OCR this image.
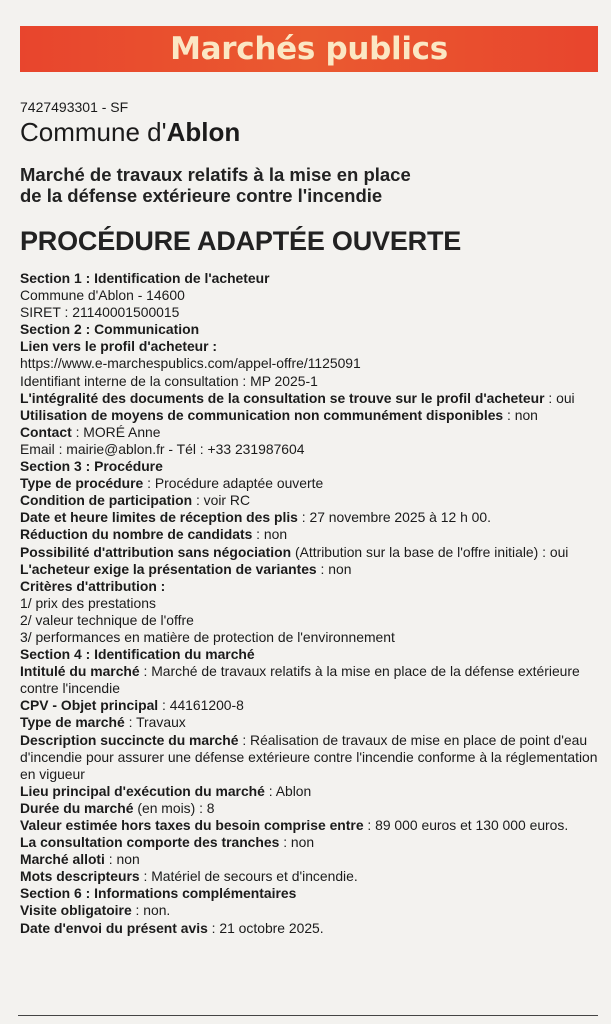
Marchés publics
7427493301 - SF
Commune d'Ablon
Marché de travaux relatifs à la mise en place
de la défense extérieure contre l'incendie
PROCÉDURE ADAPTÉE OUVERTE
Section 1 : Identification de l'acheteur
Commune d'Ablon - 14600
SIRET : 21140001500015
Section 2 : Communication
Lien vers le profil d'acheteur :
https://www.e-marchespublics.com/appel-offre/1125091
Identifiant interne de la consultation : MP 2025-1
L'intégralité des documents de la consultation se trouve sur le profil d'acheteur : oui
Utilisation de moyens de communication non communément disponibles : non
Contact : MORÉ Anne
Email : mairie@ablon.fr - Tél : +33 231987604
Section 3 : Procédure
Type de procédure : Procédure adaptée ouverte
Condition de participation : voir RC
Date et heure limites de réception des plis : 27 novembre 2025 à 12 h 00.
Réduction du nombre de candidats : non
Possibilité d'attribution sans négociation (Attribution sur la base de l'offre initiale) : oui
L'acheteur exige la présentation de variantes : non
Critères d'attribution :
1/ prix des prestations
2/ valeur technique de l'offre
3/ performances en matière de protection de l'environnement
Section 4 : Identification du marché
Intitulé du marché : Marché de travaux relatifs à la mise en place de la défense extérieure contre l'incendie
CPV - Objet principal : 44161200-8
Type de marché : Travaux
Description succincte du marché : Réalisation de travaux de mise en place de point d'eau d'incendie pour assurer une défense extérieure contre l'incendie conforme à la réglementation en vigueur
Lieu principal d'exécution du marché : Ablon
Durée du marché (en mois) : 8
Valeur estimée hors taxes du besoin comprise entre : 89 000 euros et 130 000 euros.
La consultation comporte des tranches : non
Marché alloti : non
Mots descripteurs : Matériel de secours et d'incendie.
Section 6 : Informations complémentaires
Visite obligatoire : non.
Date d'envoi du présent avis : 21 octobre 2025.
